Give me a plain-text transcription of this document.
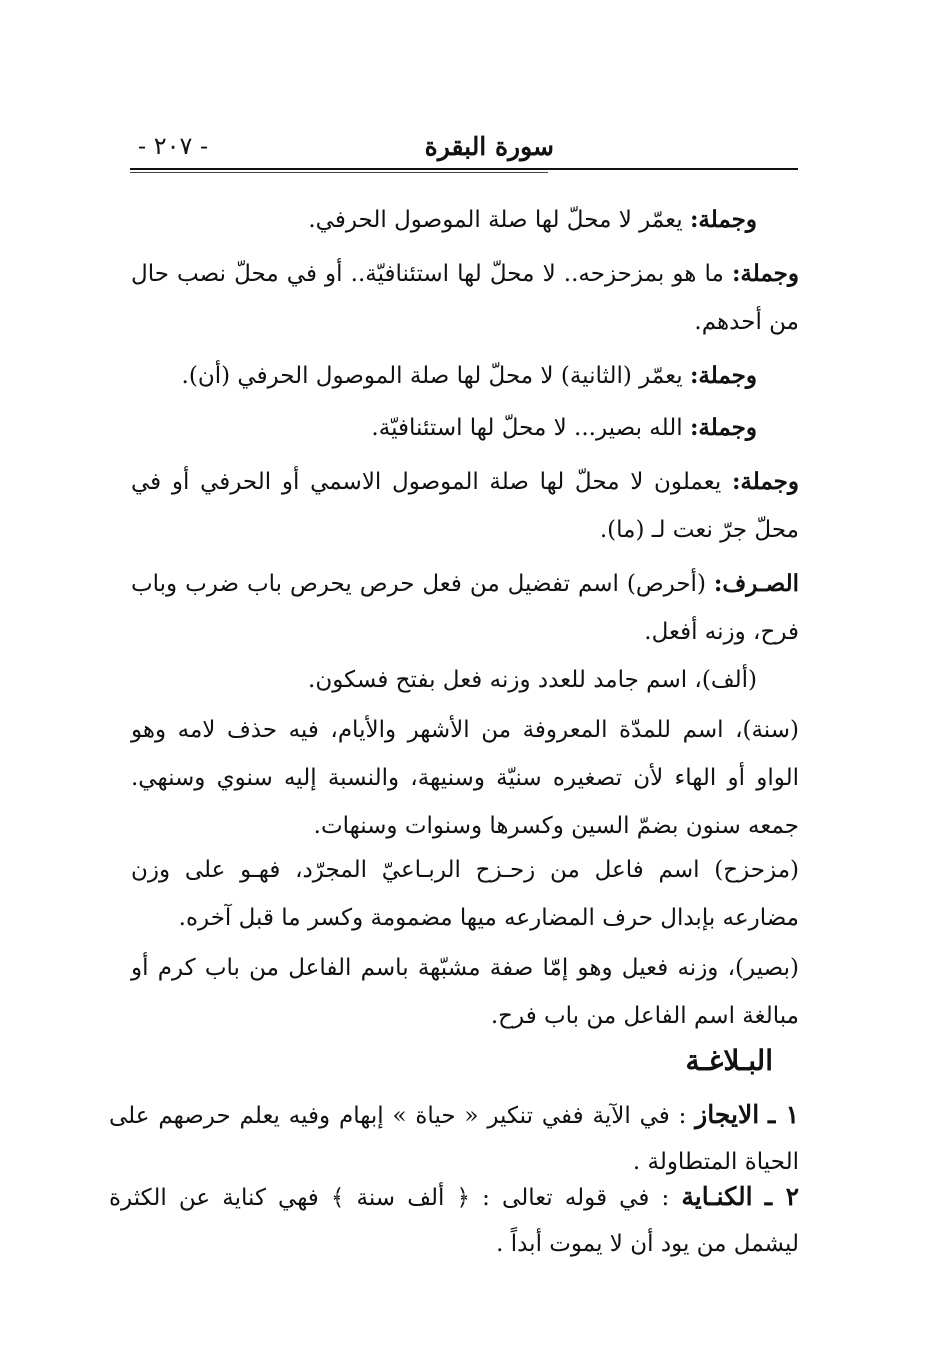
سورة البقرة
- ٢٠٧ -
وجملة: يعمّر لا محلّ لها صلة الموصول الحرفي.
وجملة: ما هو بمزحزحه.. لا محلّ لها استئنافيّة.. أو في محلّ نصب حال من أحدهم.
وجملة: يعمّر (الثانية) لا محلّ لها صلة الموصول الحرفي (أن).
وجملة: الله بصير... لا محلّ لها استئنافيّة.
وجملة: يعملون لا محلّ لها صلة الموصول الاسمي أو الحرفي أو في محلّ جرّ نعت لـ (ما).
الصـرف: (أحرص) اسم تفضيل من فعل حرص يحرص باب ضرب وباب فرح، وزنه أفعل.
(ألف)، اسم جامد للعدد وزنه فعل بفتح فسكون.
(سنة)، اسم للمدّة المعروفة من الأشهر والأيام، فيه حذف لامه وهو الواو أو الهاء لأن تصغيره سنيّة وسنيهة، والنسبة إليه سنوي وسنهي. جمعه سنون بضمّ السين وكسرها وسنوات وسنهات.
(مزحزح) اسم فاعل من زحـزح الربـاعيّ المجرّد، فهـو على وزن مضارعه بإبدال حرف المضارعه ميها مضمومة وكسر ما قبل آخره.
(بصير)، وزنه فعيل وهو إمّا صفة مشبّهة باسم الفاعل من باب كرم أو مبالغة اسم الفاعل من باب فرح.
البـلاغـة
١ ـ الايجاز : في الآية ففي تنكير « حياة » إبهام وفيه يعلم حرصهم على الحياة المتطاولة .
٢ ـ الكنـاية : في قوله تعالى : ﴿ ألف سنة ﴾ فهي كناية عن الكثرة ليشمل من يود أن لا يموت أبداً .
